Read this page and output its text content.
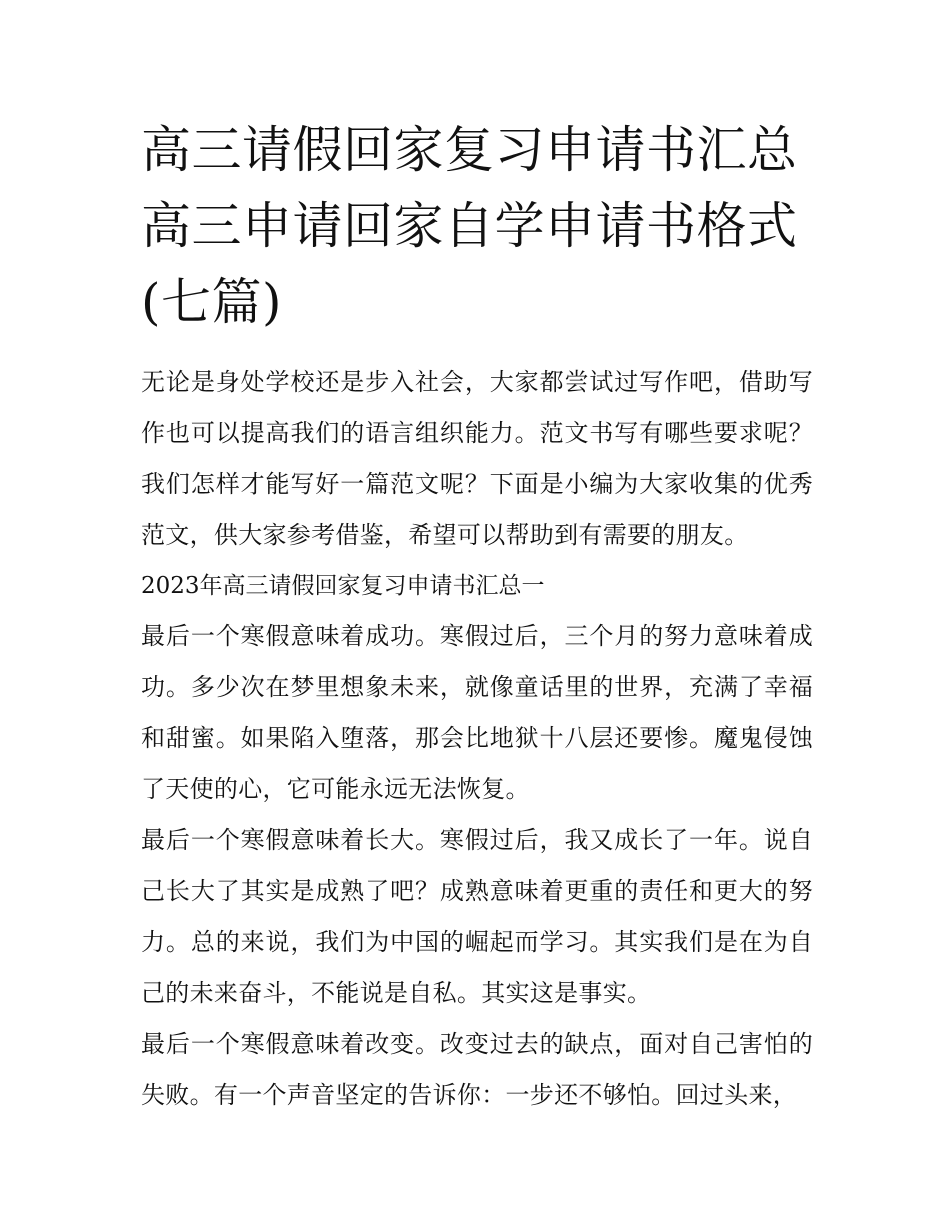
高三请假回家复习申请书汇总
高三申请回家自学申请书格式
(七篇)

无论是身处学校还是步入社会，大家都尝试过写作吧，借助写作也可以提高我们的语言组织能力。范文书写有哪些要求呢？我们怎样才能写好一篇范文呢？下面是小编为大家收集的优秀范文，供大家参考借鉴，希望可以帮助到有需要的朋友。

2023年高三请假回家复习申请书汇总一

最后一个寒假意味着成功。寒假过后，三个月的努力意味着成功。多少次在梦里想象未来，就像童话里的世界，充满了幸福和甜蜜。如果陷入堕落，那会比地狱十八层还要惨。魔鬼侵蚀了天使的心，它可能永远无法恢复。

最后一个寒假意味着长大。寒假过后，我又成长了一年。说自己长大了其实是成熟了吧？成熟意味着更重的责任和更大的努力。总的来说，我们为中国的崛起而学习。其实我们是在为自己的未来奋斗，不能说是自私。其实这是事实。

最后一个寒假意味着改变。改变过去的缺点，面对自己害怕的失败。有一个声音坚定的告诉你：一步还不够怕。回过头来，
